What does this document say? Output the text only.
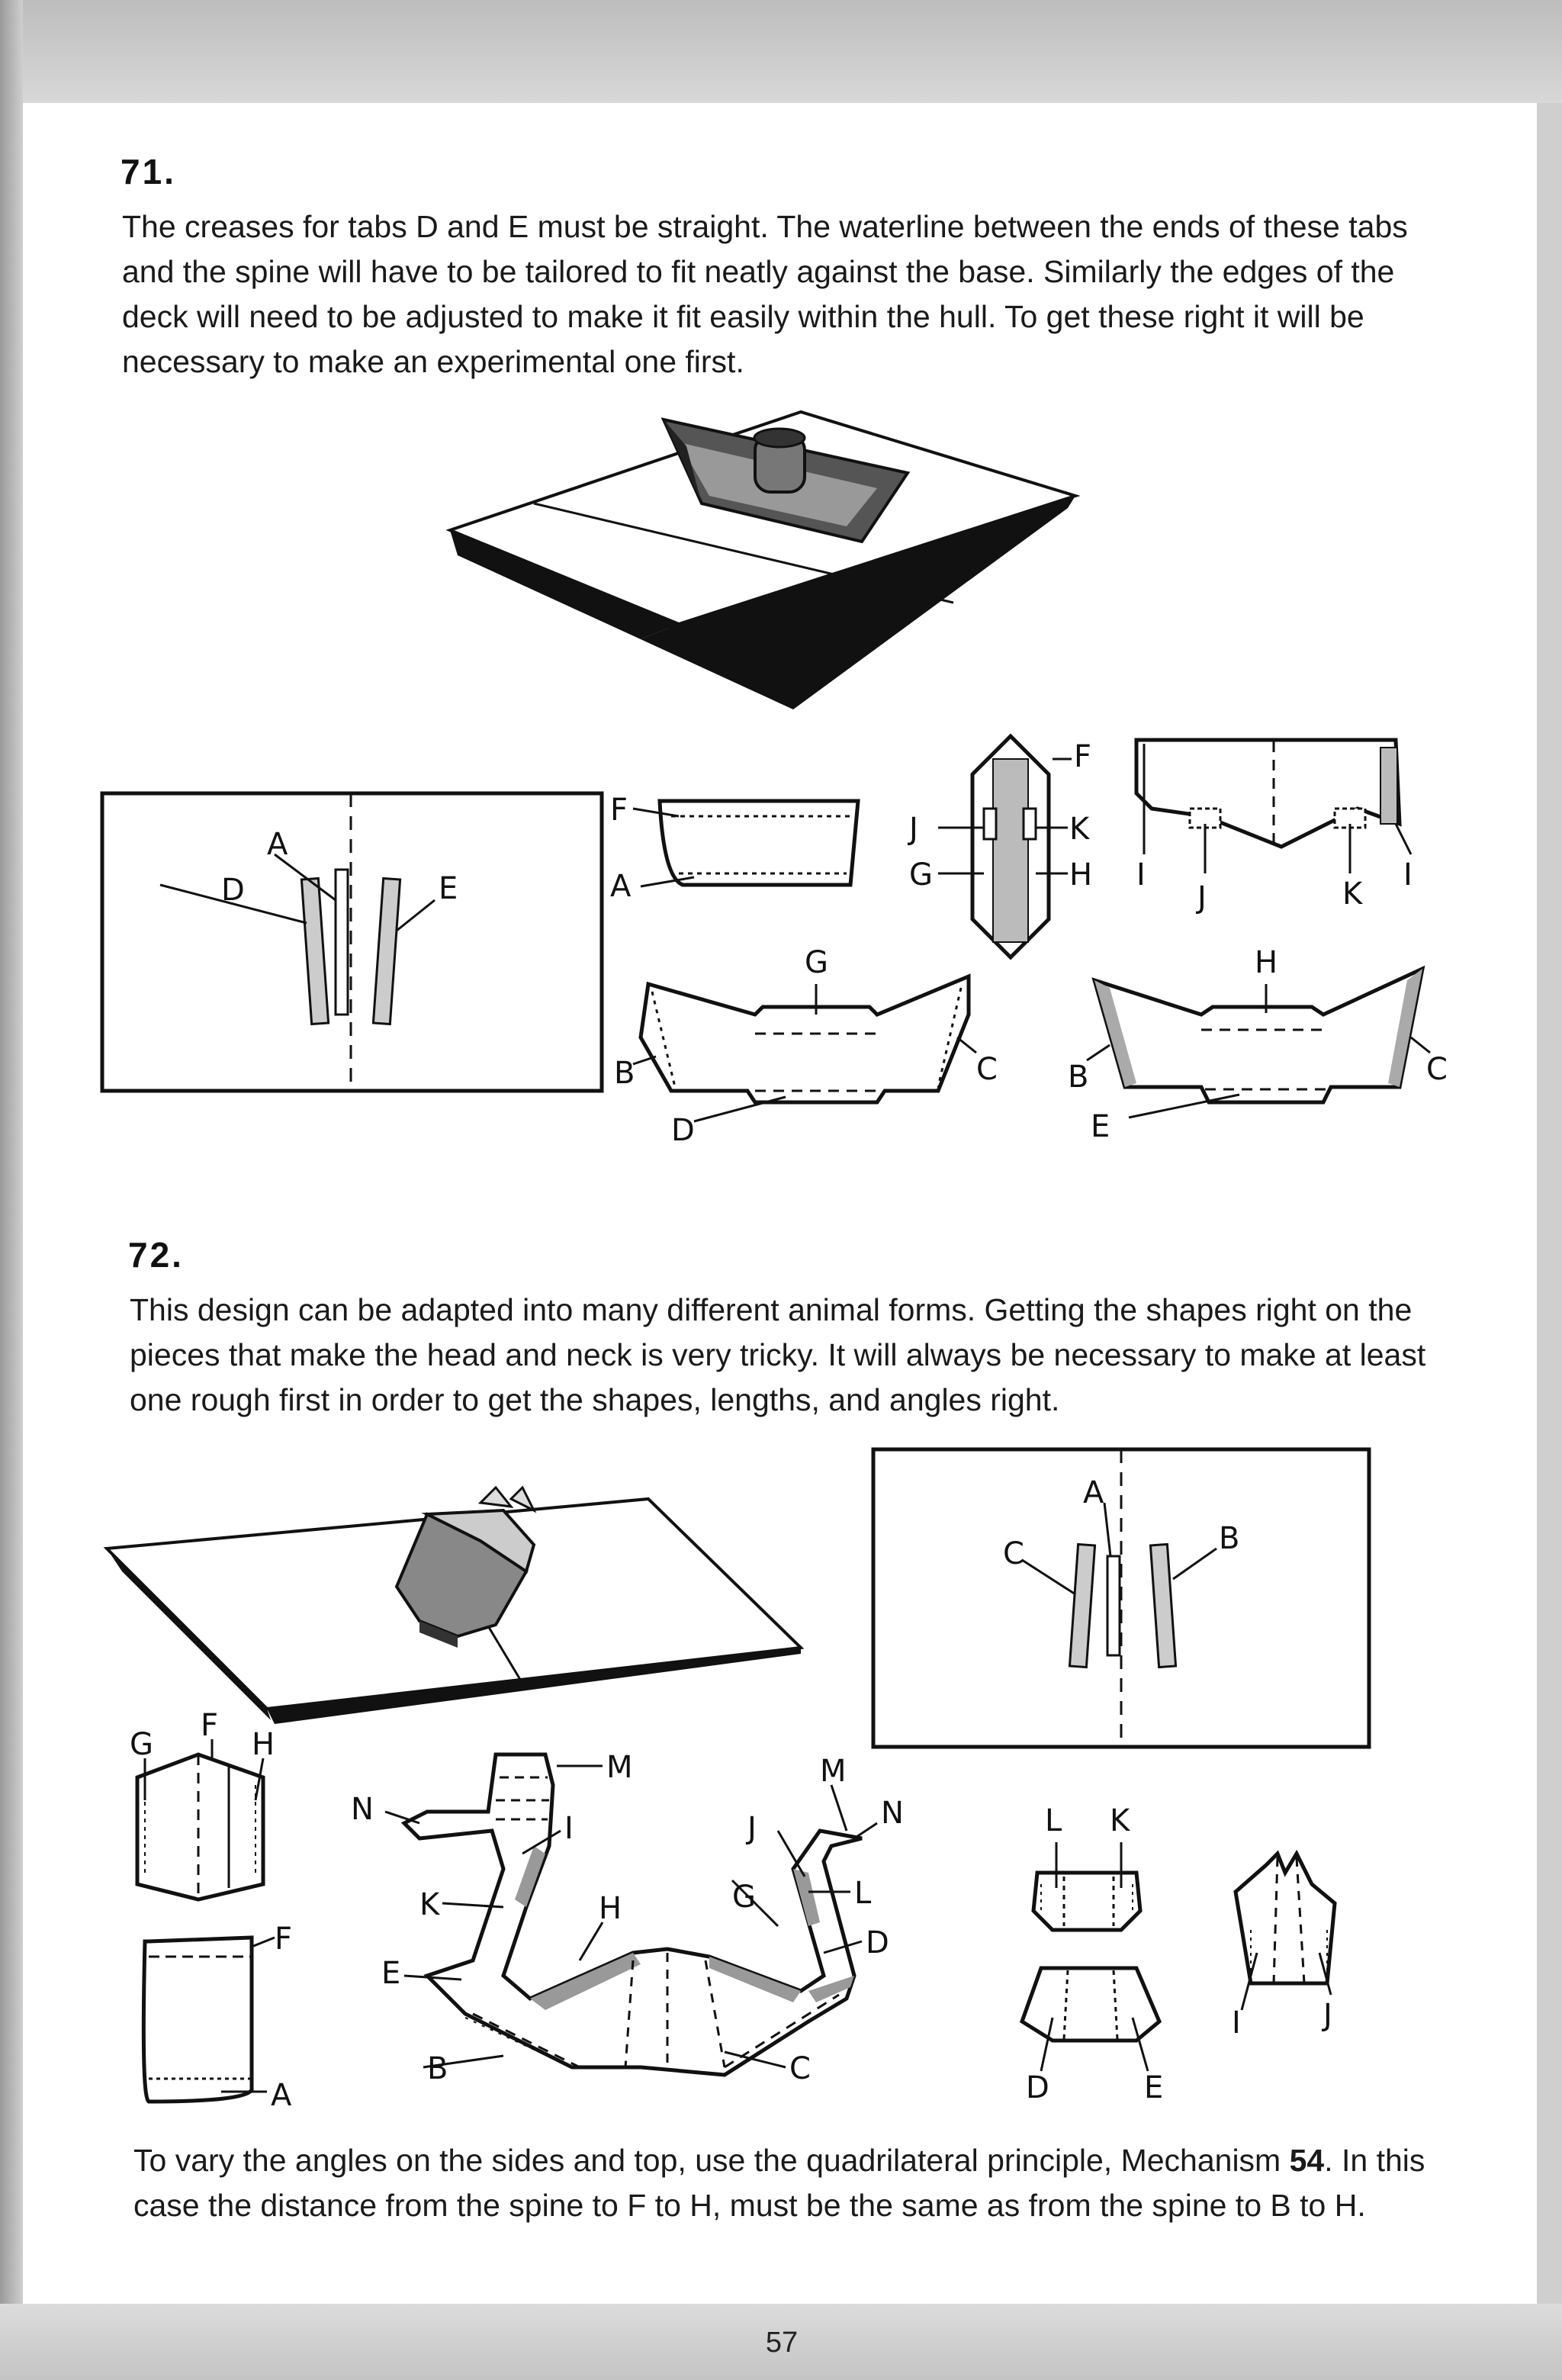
71.

The creases for tabs D and E must be straight. The waterline between the ends of these tabs and the spine will have to be tailored to fit neatly against the base. Similarly the edges of the deck will need to be adjusted to make it fit easily within the hull. To get these right it will be necessary to make an experimental one first.

A
D	E
F
A
F
J
G
K
H I
J	K
I
G
B	C
D
H
B	C
E
72.

This design can be adapted into many different animal forms. Getting the shapes right on the pieces that make the head and neck is very tricky. It will always be necessary to make at least one rough first in order to get the shapes, lengths, and angles right.

A
C	B
F
G	H
F
A
M
N
I
K	H
E
B	C
J
G	L
D
M
N	L K
D	E
I	J

To vary the angles on the sides and top, use the quadrilateral principle, Mechanism 54. In this case the distance from the spine to F to H, must be the same as from the spine to B to H.

57
